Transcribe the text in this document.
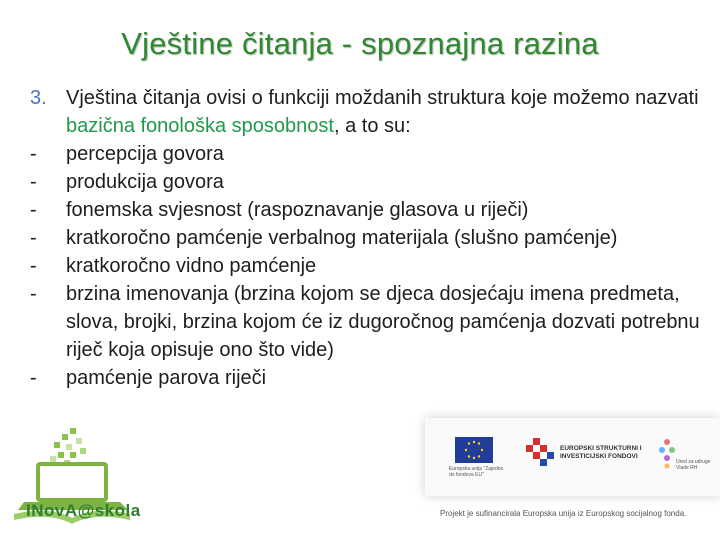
Vještine čitanja - spoznajna razina
3. Vještina čitanja ovisi o funkciji moždanih struktura koje možemo nazvati bazična fonološka sposobnost, a to su:
-	percepcija govora
-	produkcija govora
-	fonemska svjesnost (raspoznavanje glasova u riječi)
-	kratkoročno pamćenje verbalnog materijala (slušno pamćenje)
-	kratkoročno vidno pamćenje
-	brzina imenovanja (brzina kojom se djeca dosjećaju imena predmeta, slova, brojki, brzina kojom će iz dugoročnog pamćenja dozvati potrebnu riječ koja opisuje ono što vide)
-	pamćenje parova riječi
INovA@skola
Europska unija "Zajedno do fondova EU"
EUROPSKI STRUKTURNI I INVESTICIJSKI FONDOVI
Ured za udruge Vlade RH
Projekt je sufinancirala Europska unija iz Europskog socijalnog fonda.
